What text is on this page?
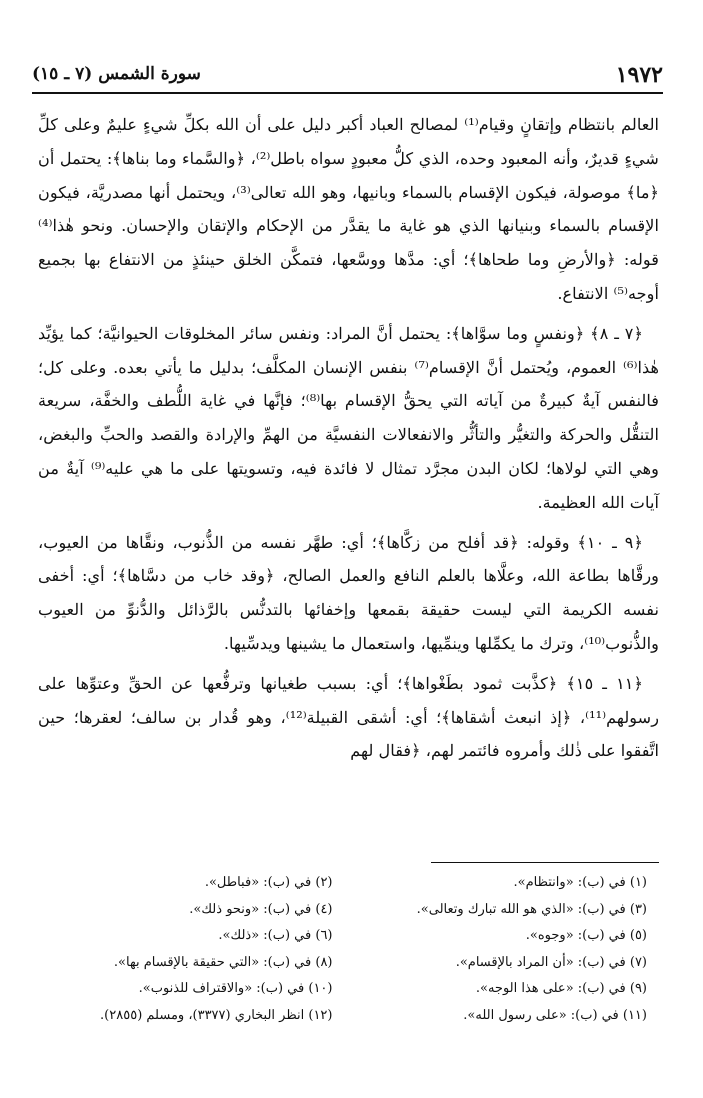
١٩٧٢
سورة الشمس (٧ ـ ١٥)

العالم بانتظام وإتقانٍ وقيام⁽¹⁾ لمصالح العباد أكبر دليل على أن الله بكلِّ شيءٍ عليمٌ وعلى كلِّ شيءٍ قديرٌ، وأنه المعبود وحده، الذي كلُّ معبودٍ سواه باطل⁽²⁾، ﴿والسَّماء وما بناها﴾: يحتمل أن ﴿ما﴾ موصولة، فيكون الإقسام بالسماء وبانيها، وهو الله تعالى⁽³⁾، ويحتمل أنها مصدريَّة، فيكون الإقسام بالسماء وبنيانها الذي هو غاية ما يقدَّر من الإحكام والإتقان والإحسان. ونحو هٰذا⁽⁴⁾ قوله: ﴿والأرضِ وما طحاها﴾؛ أي: مدَّها ووسَّعها، فتمكَّن الخلق حينئذٍ من الانتفاع بها بجميع أوجه⁽⁵⁾ الانتفاع.

﴿٧ ـ ٨﴾ ﴿ونفسٍ وما سوَّاها﴾: يحتمل أنَّ المراد: ونفس سائر المخلوقات الحيوانيَّة؛ كما يؤيِّد هٰذا⁽⁶⁾ العموم، ويُحتمل أنَّ الإقسام⁽⁷⁾ بنفس الإنسان المكلَّف؛ بدليل ما يأتي بعده. وعلى كل؛ فالنفس آيةٌ كبيرةٌ من آياته التي يحقُّ الإقسام بها⁽⁸⁾؛ فإنَّها في غاية اللُّطف والخفَّة، سريعة التنقُّل والحركة والتغيُّر والتأثُّر والانفعالات النفسيَّة من الهمِّ والإرادة والقصد والحبِّ والبغض، وهي التي لولاها؛ لكان البدن مجرَّد تمثال لا فائدة فيه، وتسويتها على ما هي عليه⁽⁹⁾ آيةٌ من آيات الله العظيمة.

﴿٩ ـ ١٠﴾ وقوله: ﴿قد أفلح من زكَّاها﴾؛ أي: طهَّر نفسه من الذُّنوب، ونقَّاها من العيوب، ورقَّاها بطاعة الله، وعلَّاها بالعلم النافع والعمل الصالح، ﴿وقد خاب من دسَّاها﴾؛ أي: أخفى نفسه الكريمة التي ليست حقيقة بقمعها وإخفائها بالتدنُّس بالرَّذائل والدُّنوِّ من العيوب والذُّنوب⁽¹⁰⁾، وترك ما يكمِّلها وينمِّيها، واستعمال ما يشينها ويدسِّيها.

﴿١١ ـ ١٥﴾ ﴿كذَّبت ثمود بطَغْواها﴾؛ أي: بسبب طغيانها وترفُّعها عن الحقِّ وعتوِّها على رسولهم⁽¹¹⁾، ﴿إذ انبعث أشقاها﴾؛ أي: أشقى القبيلة⁽¹²⁾، وهو قُدار بن سالف؛ لعقرها؛ حين اتَّفقوا على ذٰلك وأمروه فائتمر لهم، ﴿فقال لهم

(١) في (ب): «وانتظام».
(٢) في (ب): «فباطل».
(٣) في (ب): «الذي هو الله تبارك وتعالى».
(٤) في (ب): «ونحو ذلك».
(٥) في (ب): «وجوه».
(٦) في (ب): «ذلك».
(٧) في (ب): «أن المراد بالإقسام».
(٨) في (ب): «التي حقيقة بالإقسام بها».
(٩) في (ب): «على هذا الوجه».
(١٠) في (ب): «والاقتراف للذنوب».
(١١) في (ب): «على رسول الله».
(١٢) انظر البخاري (٣٣٧٧)، ومسلم (٢٨٥٥).
